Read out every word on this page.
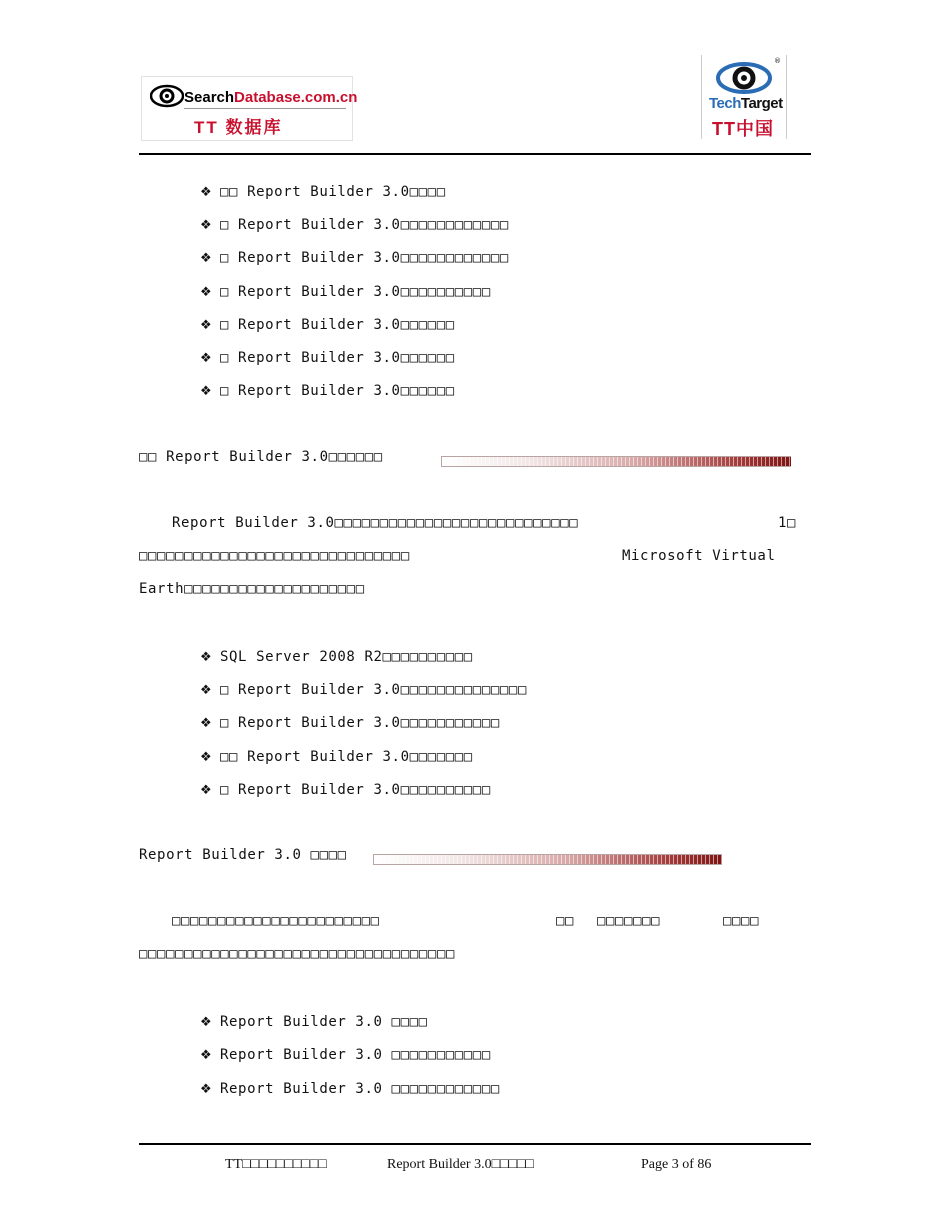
SearchDatabase.com.cn
TT 数据库
®
TechTarget
TT中国
❖ □□ Report Builder 3.0□□□□
❖ □ Report Builder 3.0□□□□□□□□□□□□
❖ □ Report Builder 3.0□□□□□□□□□□□□
❖ □ Report Builder 3.0□□□□□□□□□□
❖ □ Report Builder 3.0□□□□□□
❖ □ Report Builder 3.0□□□□□□
❖ □ Report Builder 3.0□□□□□□
□□ Report Builder 3.0□□□□□□
Report Builder 3.0□□□□□□□□□□□□□□□□□□□□□□□□□□□	1□
□□□□□□□□□□□□□□□□□□□□□□□□□□□□□□	Microsoft Virtual
Earth□□□□□□□□□□□□□□□□□□□□
❖ SQL Server 2008 R2□□□□□□□□□□
❖ □ Report Builder 3.0□□□□□□□□□□□□□□
❖ □ Report Builder 3.0□□□□□□□□□□□
❖ □□ Report Builder 3.0□□□□□□□
❖ □ Report Builder 3.0□□□□□□□□□□
Report Builder 3.0 □□□□
□□□□□□□□□□□□□□□□□□□□□□□	□□ □□□□□□□	□□□□
□□□□□□□□□□□□□□□□□□□□□□□□□□□□□□□□□□□
❖ Report Builder 3.0 □□□□
❖ Report Builder 3.0 □□□□□□□□□□□
❖ Report Builder 3.0 □□□□□□□□□□□□
TT□□□□□□□□□□	Report Builder 3.0□□□□□	Page 3 of 86
